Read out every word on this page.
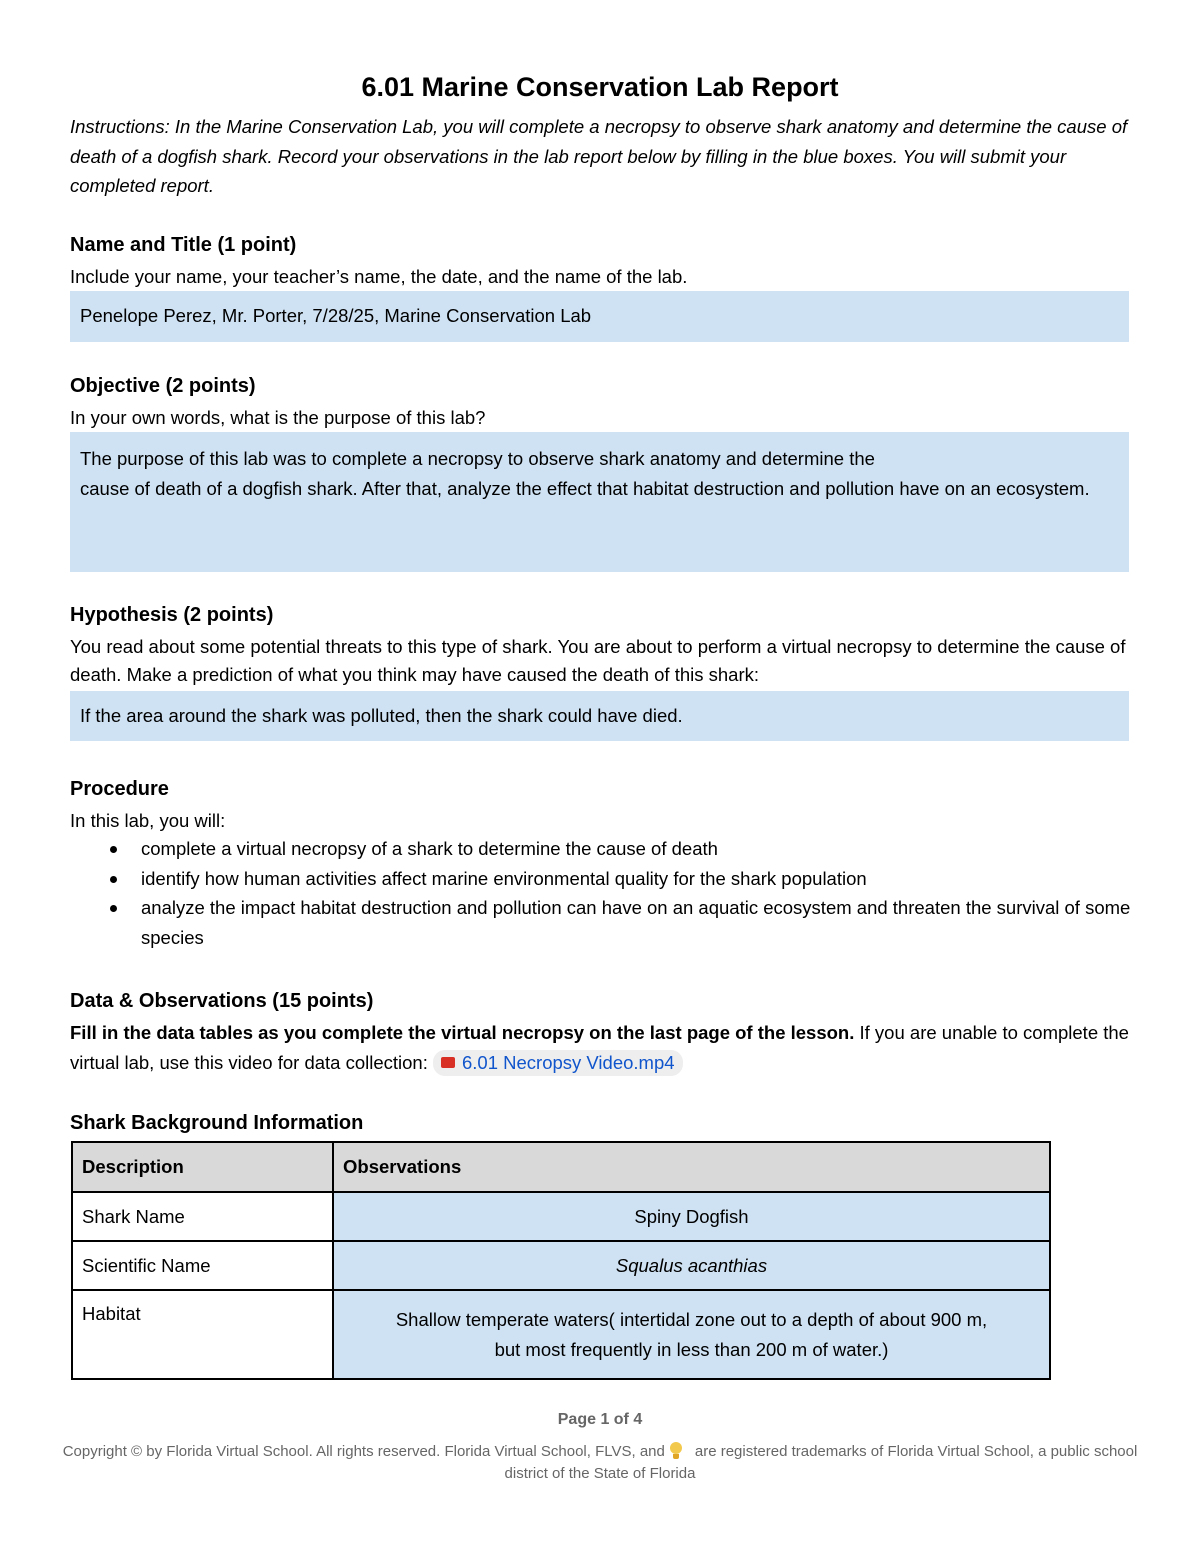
6.01 Marine Conservation Lab Report
Instructions: In the Marine Conservation Lab, you will complete a necropsy to observe shark anatomy and determine the cause of death of a dogfish shark. Record your observations in the lab report below by filling in the blue boxes. You will submit your completed report.
Name and Title (1 point)
Include your name, your teacher’s name, the date, and the name of the lab.
Penelope Perez, Mr. Porter, 7/28/25, Marine Conservation Lab
Objective (2 points)
In your own words, what is the purpose of this lab?
The purpose of this lab was to complete a necropsy to observe shark anatomy and determine the
cause of death of a dogfish shark. After that, analyze the effect that habitat destruction and pollution have on an ecosystem.
Hypothesis (2 points)
You read about some potential threats to this type of shark. You are about to perform a virtual necropsy to determine the cause of death. Make a prediction of what you think may have caused the death of this shark:
If the area around the shark was polluted, then the shark could have died.
Procedure
In this lab, you will:
complete a virtual necropsy of a shark to determine the cause of death
identify how human activities affect marine environmental quality for the shark population
analyze the impact habitat destruction and pollution can have on an aquatic ecosystem and threaten the survival of some species
Data & Observations (15 points)
Fill in the data tables as you complete the virtual necropsy on the last page of the lesson. If you are unable to complete the virtual lab, use this video for data collection: 6.01 Necropsy Video.mp4
Shark Background Information
Description	Observations
Shark Name	Spiny Dogfish
Scientific Name	Squalus acanthias
Habitat	Shallow temperate waters( intertidal zone out to a depth of about 900 m,
but most frequently in less than 200 m of water.)
Page 1 of 4
Copyright © by Florida Virtual School. All rights reserved. Florida Virtual School, FLVS, and are registered trademarks of Florida Virtual School, a public school district of the State of Florida
